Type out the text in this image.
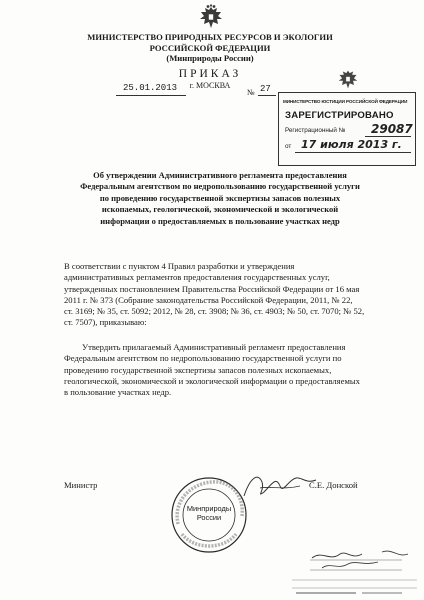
МИНИСТЕРСТВО ПРИРОДНЫХ РЕСУРСОВ И ЭКОЛОГИИ
РОССИЙСКОЙ ФЕДЕРАЦИИ
(Минприроды России)
ПРИКАЗ
г. МОСКВА
25.01.2013	№ 27
МИНИСТЕРСТВО ЮСТИЦИИ РОССИЙСКОЙ ФЕДЕРАЦИИ
ЗАРЕГИСТРИРОВАНО
Регистрационный № 29087
от 17 июля 2013 г.
Об утверждении Административного регламента предоставления
Федеральным агентством по недропользованию государственной услуги
по проведению государственной экспертизы запасов полезных
ископаемых, геологической, экономической и экологической
информации о предоставляемых в пользование участках недр
В соответствии с пунктом 4 Правил разработки и утверждения
административных регламентов предоставления государственных услуг,
утвержденных постановлением Правительства Российской Федерации от 16 мая
2011 г. № 373 (Собрание законодательства Российской Федерации, 2011, № 22,
ст. 3169; № 35, ст. 5092; 2012, № 28, ст. 3908; № 36, ст. 4903; № 50, ст. 7070; № 52,
ст. 7507), приказываю:
Утвердить прилагаемый Административный регламент предоставления
Федеральным агентством по недропользованию государственной услуги по
проведению государственной экспертизы запасов полезных ископаемых,
геологической, экономической и экологической информации о предоставляемых
в пользование участках недр.
Министр	С.Е. Донской
Минприроды
России
